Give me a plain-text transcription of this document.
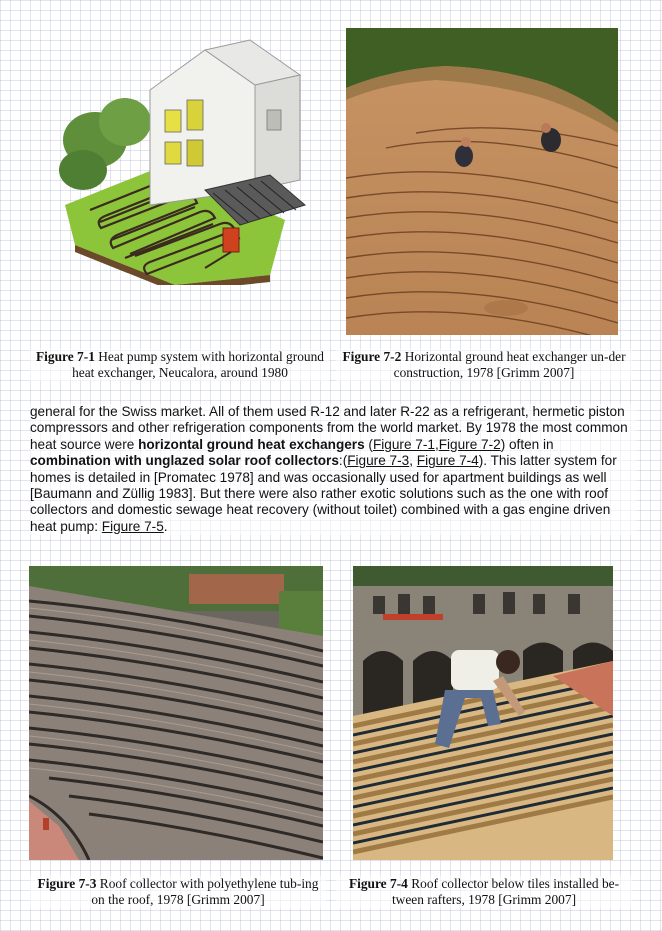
Figure 7-1 Heat pump system with horizontal ground heat exchanger, Neucalora, around 1980
Figure 7-2 Horizontal ground heat exchanger un-der construction, 1978 [Grimm 2007]

general for the Swiss market. All of them used R-12 and later R-22 as a refrigerant, hermetic piston compressors and other refrigeration components from the world market. By 1978 the most common heat source were horizontal ground heat exchangers (Figure 7-1,Figure 7-2) often in combination with unglazed solar roof collectors:(Figure 7-3, Figure 7-4). This latter system for homes is detailed in [Promatec 1978] and was occasionally used for apartment buildings as well [Baumann and Züllig 1983]. But there were also rather exotic solutions such as the one with roof collectors and domestic sewage heat recovery (without toilet) combined with a gas engine driven heat pump: Figure 7-5.

Figure 7-3 Roof collector with polyethylene tub-ing on the roof, 1978 [Grimm 2007]
Figure 7-4 Roof collector below tiles installed be-tween rafters, 1978 [Grimm 2007]
